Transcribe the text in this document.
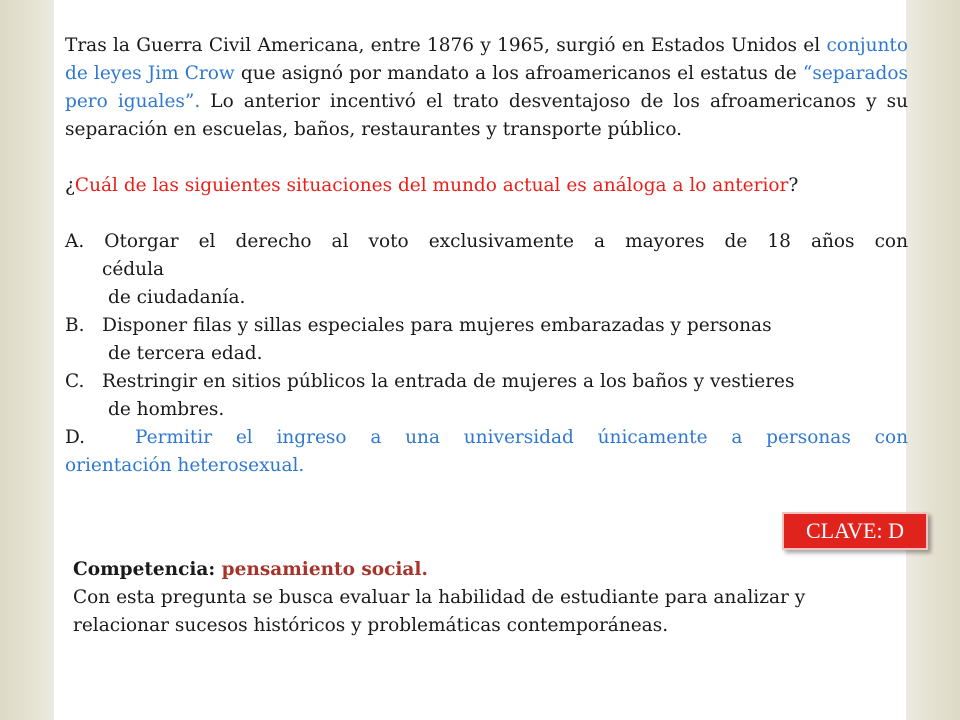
Tras la Guerra Civil Americana, entre 1876 y 1965, surgió en Estados Unidos el conjunto de leyes Jim Crow que asignó por mandato a los afroamericanos el estatus de “separados pero iguales”. Lo anterior incentivó el trato desventajoso de los afroamericanos y su separación en escuelas, baños, restaurantes y transporte público.

¿Cuál de las siguientes situaciones del mundo actual es análoga a lo anterior?

A. Otorgar el derecho al voto exclusivamente a mayores de 18 años con

cédula

de ciudadanía.

B.   Disponer filas y sillas especiales para mujeres embarazadas y personas

de tercera edad.

C.   Restringir en sitios públicos la entrada de mujeres a los baños y vestieres

de hombres.

D.	Permitir el ingreso a una universidad únicamente a personas con

orientación heterosexual.

CLAVE: D

Competencia: pensamiento social.

Con esta pregunta se busca evaluar la habilidad de estudiante para analizar y relacionar sucesos históricos y problemáticas contemporáneas.
